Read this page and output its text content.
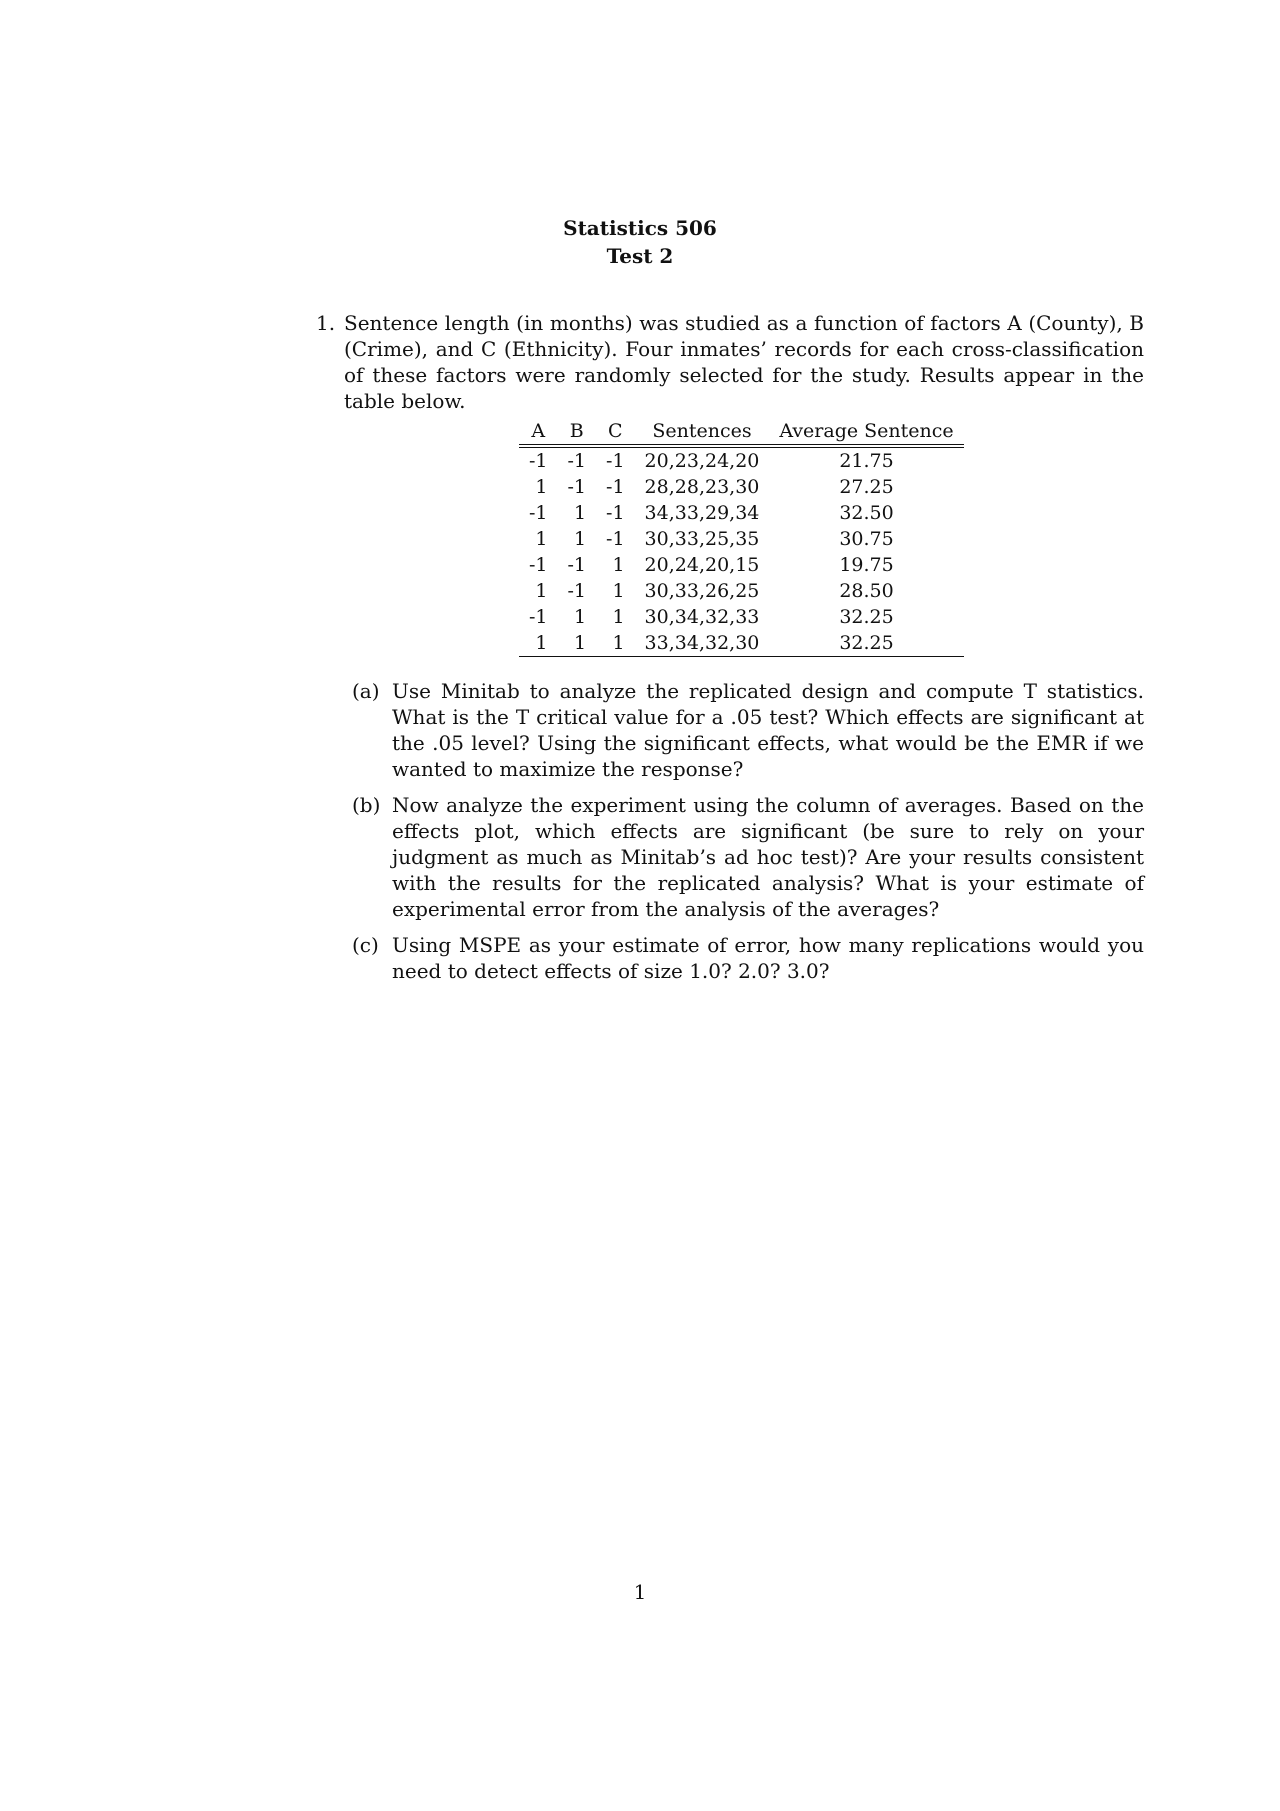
Statistics 506
Test 2
1. Sentence length (in months) was studied as a function of factors A (County), B (Crime), and C (Ethnicity). Four inmates’ records for each cross-classification of these factors were randomly selected for the study. Results appear in the table below.
A	B	C	Sentences	Average Sentence
-1	-1	-1	20,23,24,20	21.75
1	-1	-1	28,28,23,30	27.25
-1	1	-1	34,33,29,34	32.50
1	1	-1	30,33,25,35	30.75
-1	-1	1	20,24,20,15	19.75
1	-1	1	30,33,26,25	28.50
-1	1	1	30,34,32,33	32.25
1	1	1	33,34,32,30	32.25
(a) Use Minitab to analyze the replicated design and compute T statistics. What is the T critical value for a .05 test? Which effects are significant at the .05 level? Using the significant effects, what would be the EMR if we wanted to maximize the response?
(b) Now analyze the experiment using the column of averages. Based on the effects plot, which effects are significant (be sure to rely on your judgment as much as Minitab’s ad hoc test)? Are your results consistent with the results for the replicated analysis? What is your estimate of experimental error from the analysis of the averages?
(c) Using MSPE as your estimate of error, how many replications would you need to detect effects of size 1.0? 2.0? 3.0?
1
